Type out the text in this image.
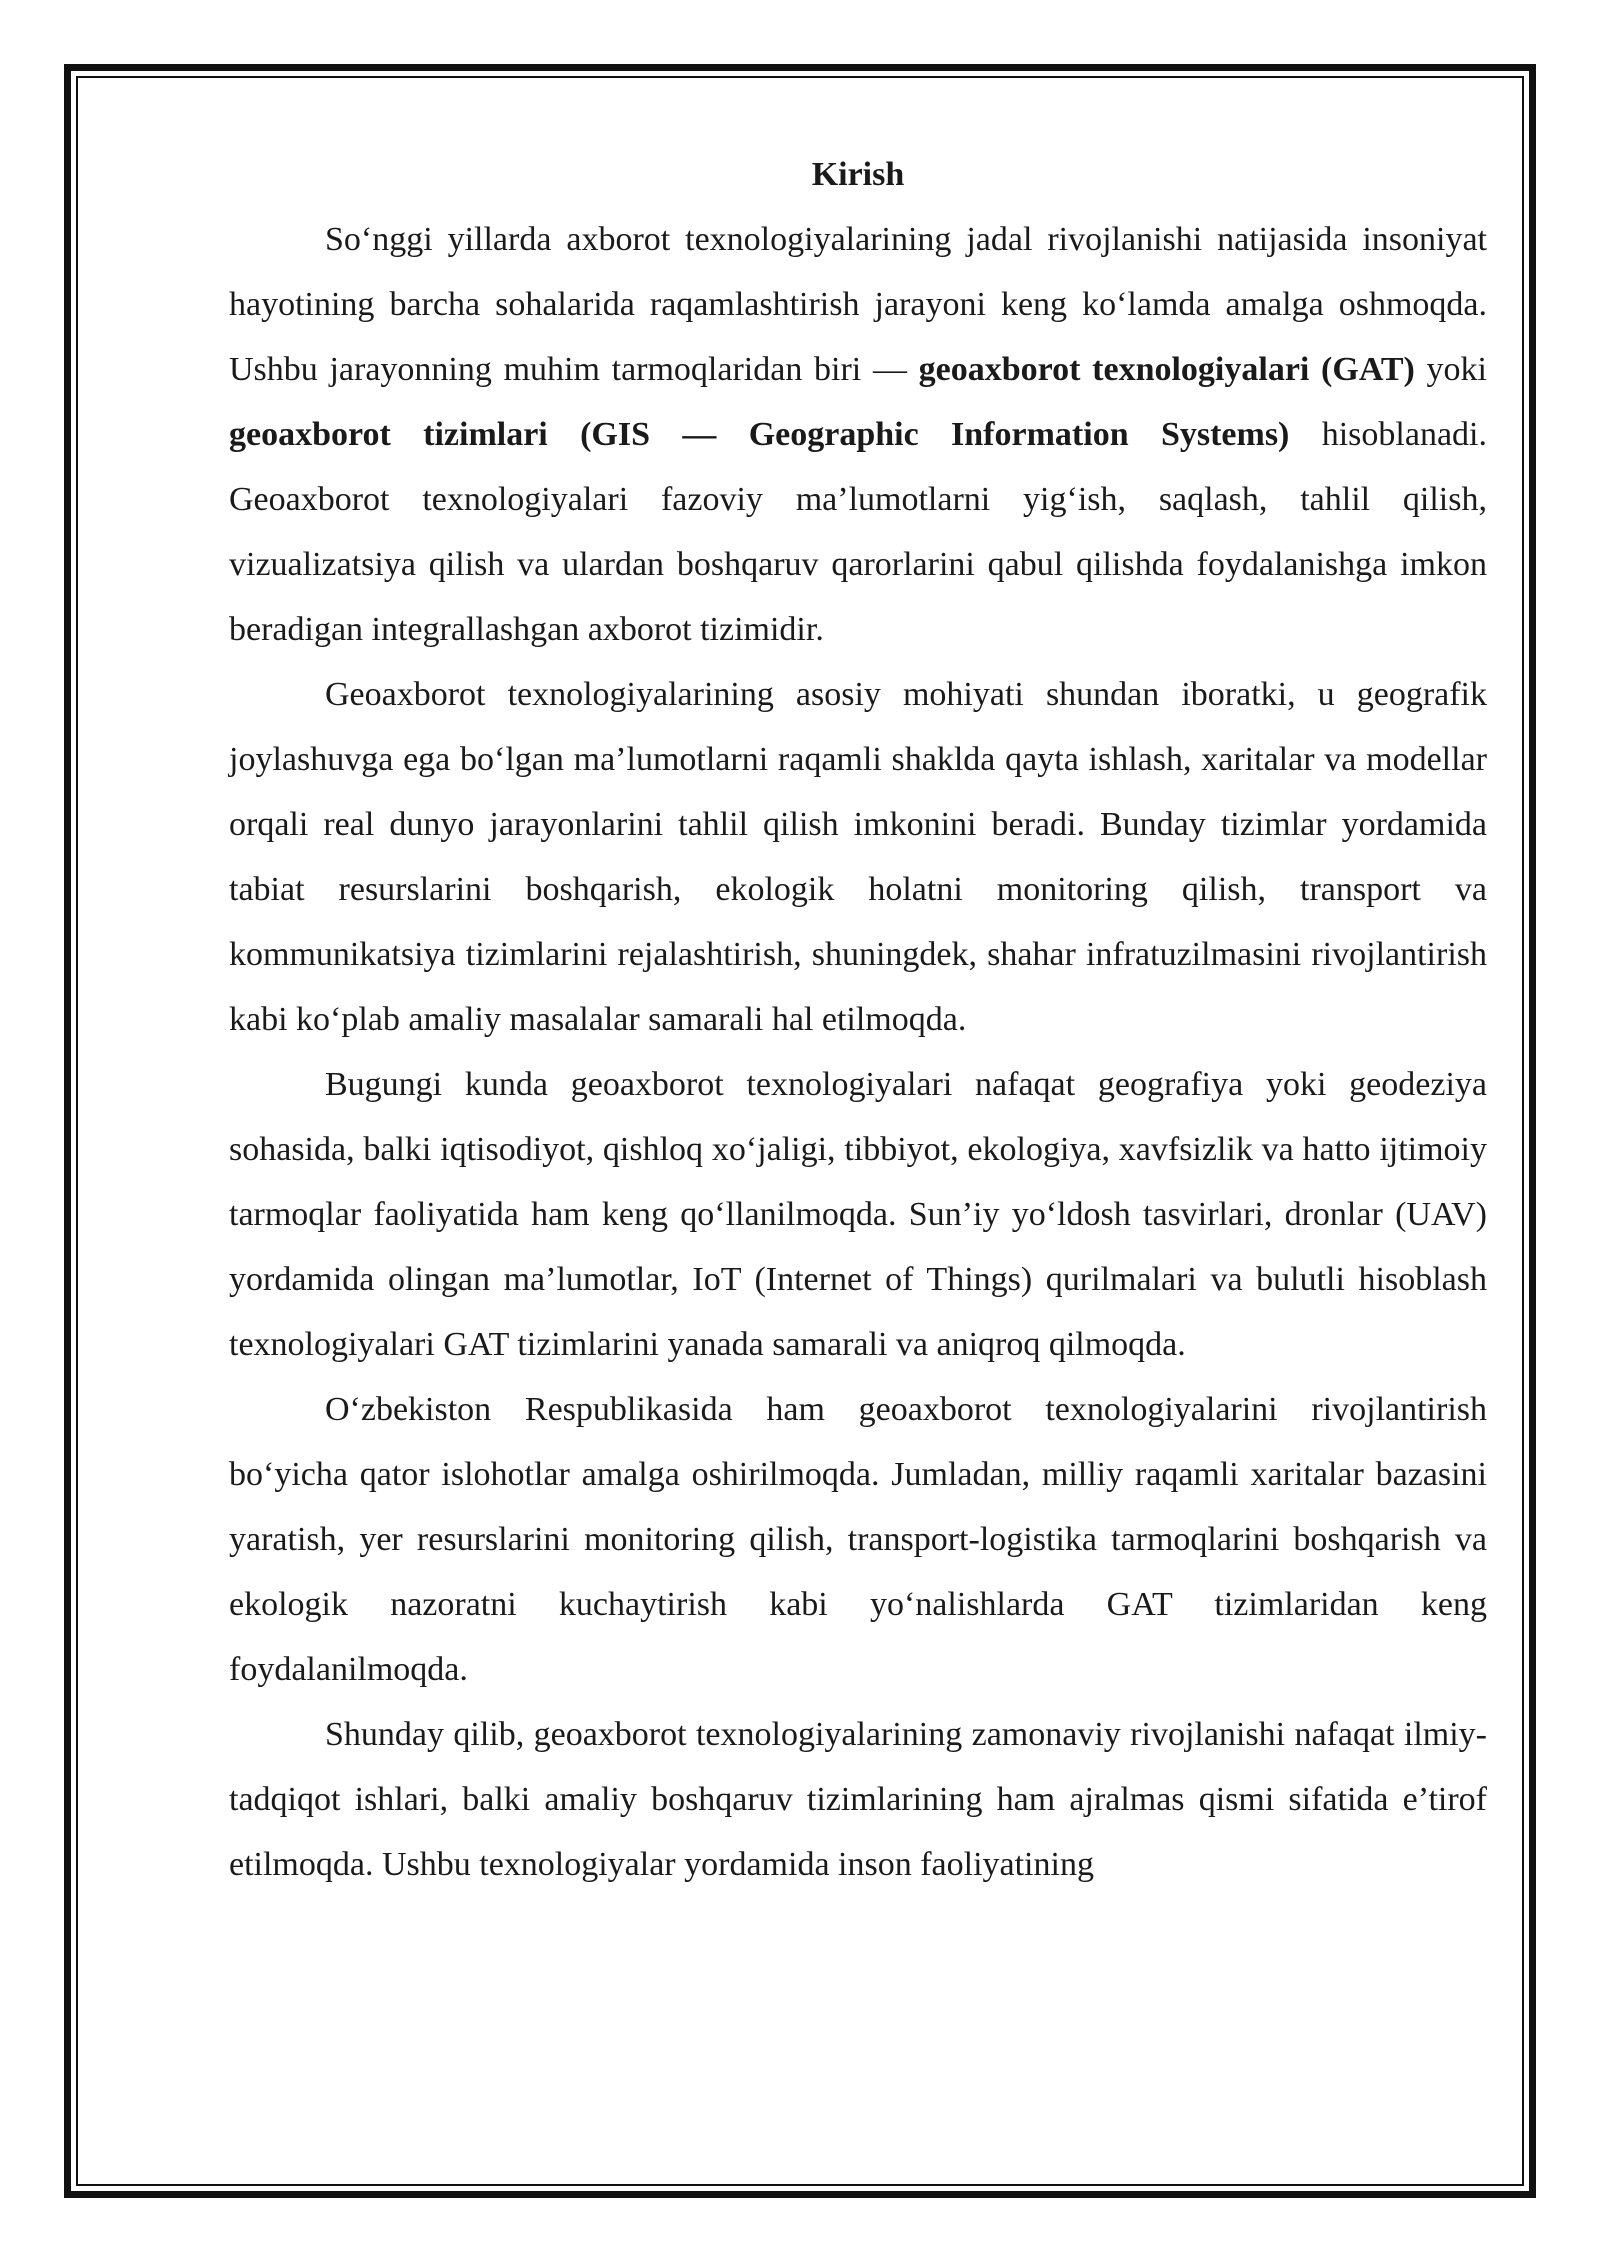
Kirish

So‘nggi yillarda axborot texnologiyalarining jadal rivojlanishi natijasida insoniyat hayotining barcha sohalarida raqamlashtirish jarayoni keng ko‘lamda amalga oshmoqda. Ushbu jarayonning muhim tarmoqlaridan biri — geoaxborot texnologiyalari (GAT) yoki geoaxborot tizimlari (GIS — Geographic Information Systems) hisoblanadi. Geoaxborot texnologiyalari fazoviy ma’lumotlarni yig‘ish, saqlash, tahlil qilish, vizualizatsiya qilish va ulardan boshqaruv qarorlarini qabul qilishda foydalanishga imkon beradigan integrallashgan axborot tizimidir.

Geoaxborot texnologiyalarining asosiy mohiyati shundan iboratki, u geografik joylashuvga ega bo‘lgan ma’lumotlarni raqamli shaklda qayta ishlash, xaritalar va modellar orqali real dunyo jarayonlarini tahlil qilish imkonini beradi. Bunday tizimlar yordamida tabiat resurslarini boshqarish, ekologik holatni monitoring qilish, transport va kommunikatsiya tizimlarini rejalashtirish, shuningdek, shahar infratuzilmasini rivojlantirish kabi ko‘plab amaliy masalalar samarali hal etilmoqda.

Bugungi kunda geoaxborot texnologiyalari nafaqat geografiya yoki geodeziya sohasida, balki iqtisodiyot, qishloq xo‘jaligi, tibbiyot, ekologiya, xavfsizlik va hatto ijtimoiy tarmoqlar faoliyatida ham keng qo‘llanilmoqda. Sun’iy yo‘ldosh tasvirlari, dronlar (UAV) yordamida olingan ma’lumotlar, IoT (Internet of Things) qurilmalari va bulutli hisoblash texnologiyalari GAT tizimlarini yanada samarali va aniqroq qilmoqda.

O‘zbekiston Respublikasida ham geoaxborot texnologiyalarini rivojlantirish bo‘yicha qator islohotlar amalga oshirilmoqda. Jumladan, milliy raqamli xaritalar bazasini yaratish, yer resurslarini monitoring qilish, transport-logistika tarmoqlarini boshqarish va ekologik nazoratni kuchaytirish kabi yo‘nalishlarda GAT tizimlaridan keng foydalanilmoqda.

Shunday qilib, geoaxborot texnologiyalarining zamonaviy rivojlanishi nafaqat ilmiy-tadqiqot ishlari, balki amaliy boshqaruv tizimlarining ham ajralmas qismi sifatida e’tirof etilmoqda. Ushbu texnologiyalar yordamida inson faoliyatining
